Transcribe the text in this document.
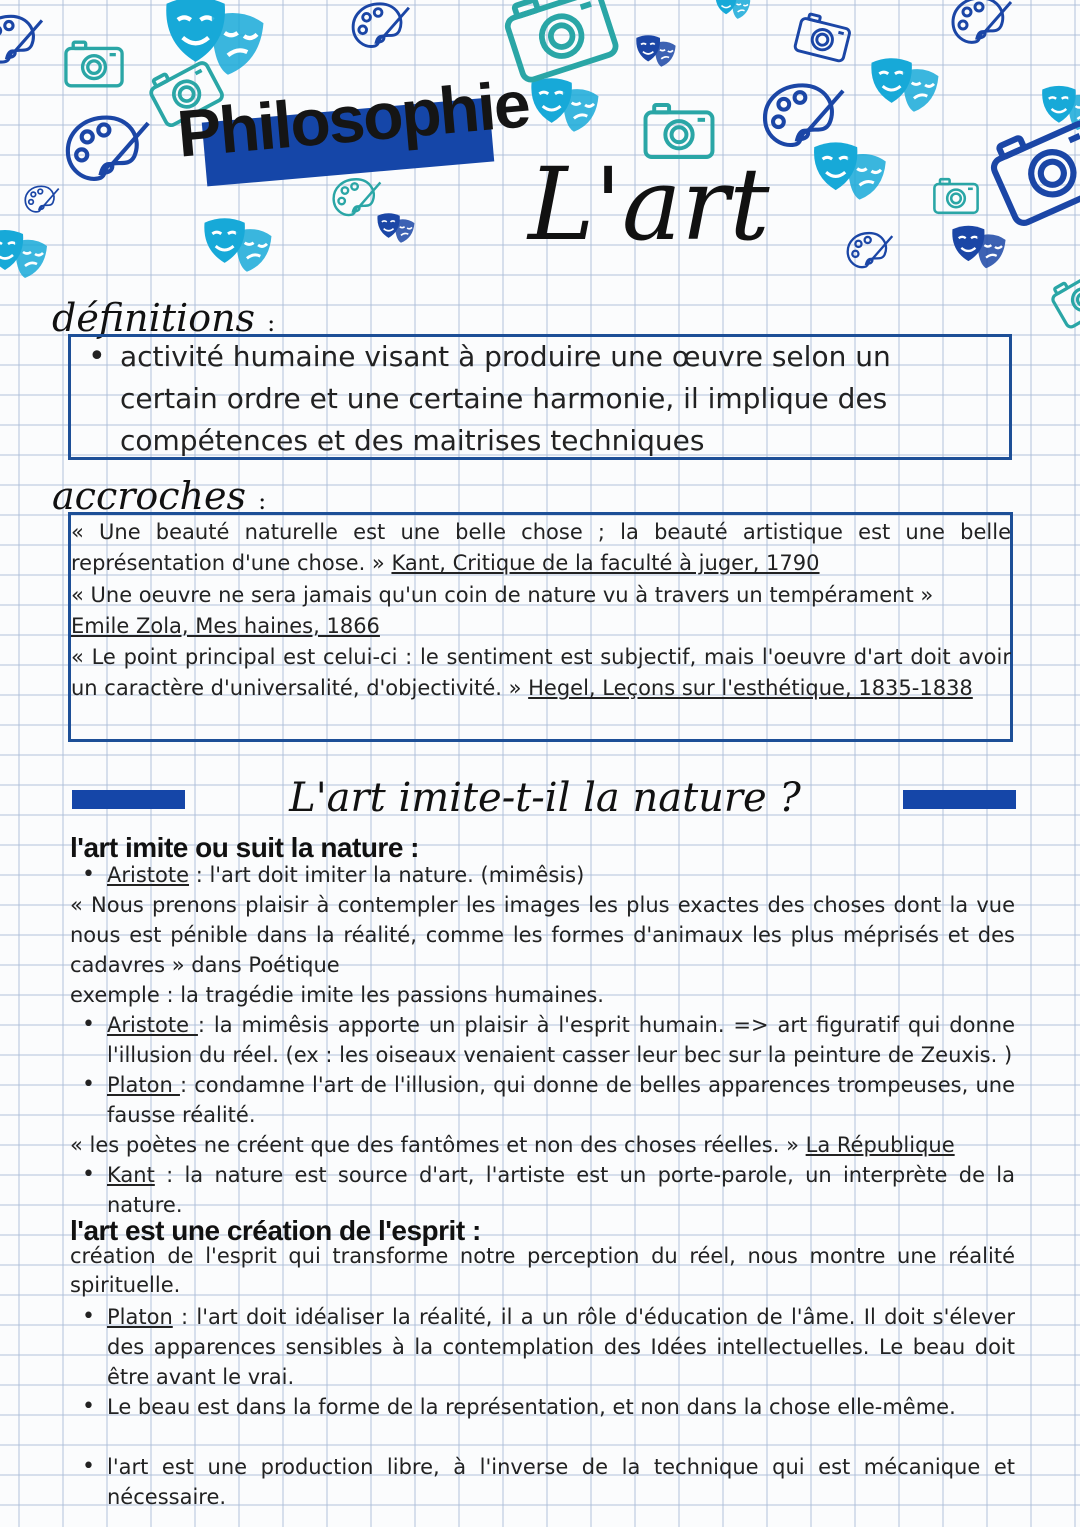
Philosophie
L'art
définitions :
• activité humaine visant à produire une œuvre selon un
certain ordre et une certaine harmonie, il implique des
compétences et des maitrises techniques
accroches :
« Une beauté naturelle est une belle chose ; la beauté artistique est une belle représentation d'une chose. » Kant, Critique de la faculté à juger, 1790
« Une oeuvre ne sera jamais qu'un coin de nature vu à travers un tempérament »
Emile Zola, Mes haines, 1866
« Le point principal est celui-ci : le sentiment est subjectif, mais l'oeuvre d'art doit avoir un caractère d'universalité, d'objectivité. » Hegel, Leçons sur l'esthétique, 1835-1838
L'art imite-t-il la nature ?
l'art imite ou suit la nature :
• Aristote : l'art doit imiter la nature. (mimêsis)
« Nous prenons plaisir à contempler les images les plus exactes des choses dont la vue nous est pénible dans la réalité, comme les formes d'animaux les plus méprisés et des cadavres » dans Poétique
exemple : la tragédie imite les passions humaines.
• Aristote : la mimêsis apporte un plaisir à l'esprit humain. => art figuratif qui donne l'illusion du réel. (ex : les oiseaux venaient casser leur bec sur la peinture de Zeuxis. )
• Platon : condamne l'art de l'illusion, qui donne de belles apparences trompeuses, une fausse réalité.
« les poètes ne créent que des fantômes et non des choses réelles. » La République
• Kant : la nature est source d'art, l'artiste est un porte-parole, un interprète de la nature.
l'art est une création de l'esprit :
création de l'esprit qui transforme notre perception du réel, nous montre une réalité spirituelle.
• Platon : l'art doit idéaliser la réalité, il a un rôle d'éducation de l'âme. Il doit s'élever des apparences sensibles à la contemplation des Idées intellectuelles. Le beau doit être avant le vrai.
• Le beau est dans la forme de la représentation, et non dans la chose elle-même.
• l'art est une production libre, à l'inverse de la technique qui est mécanique et nécessaire.
